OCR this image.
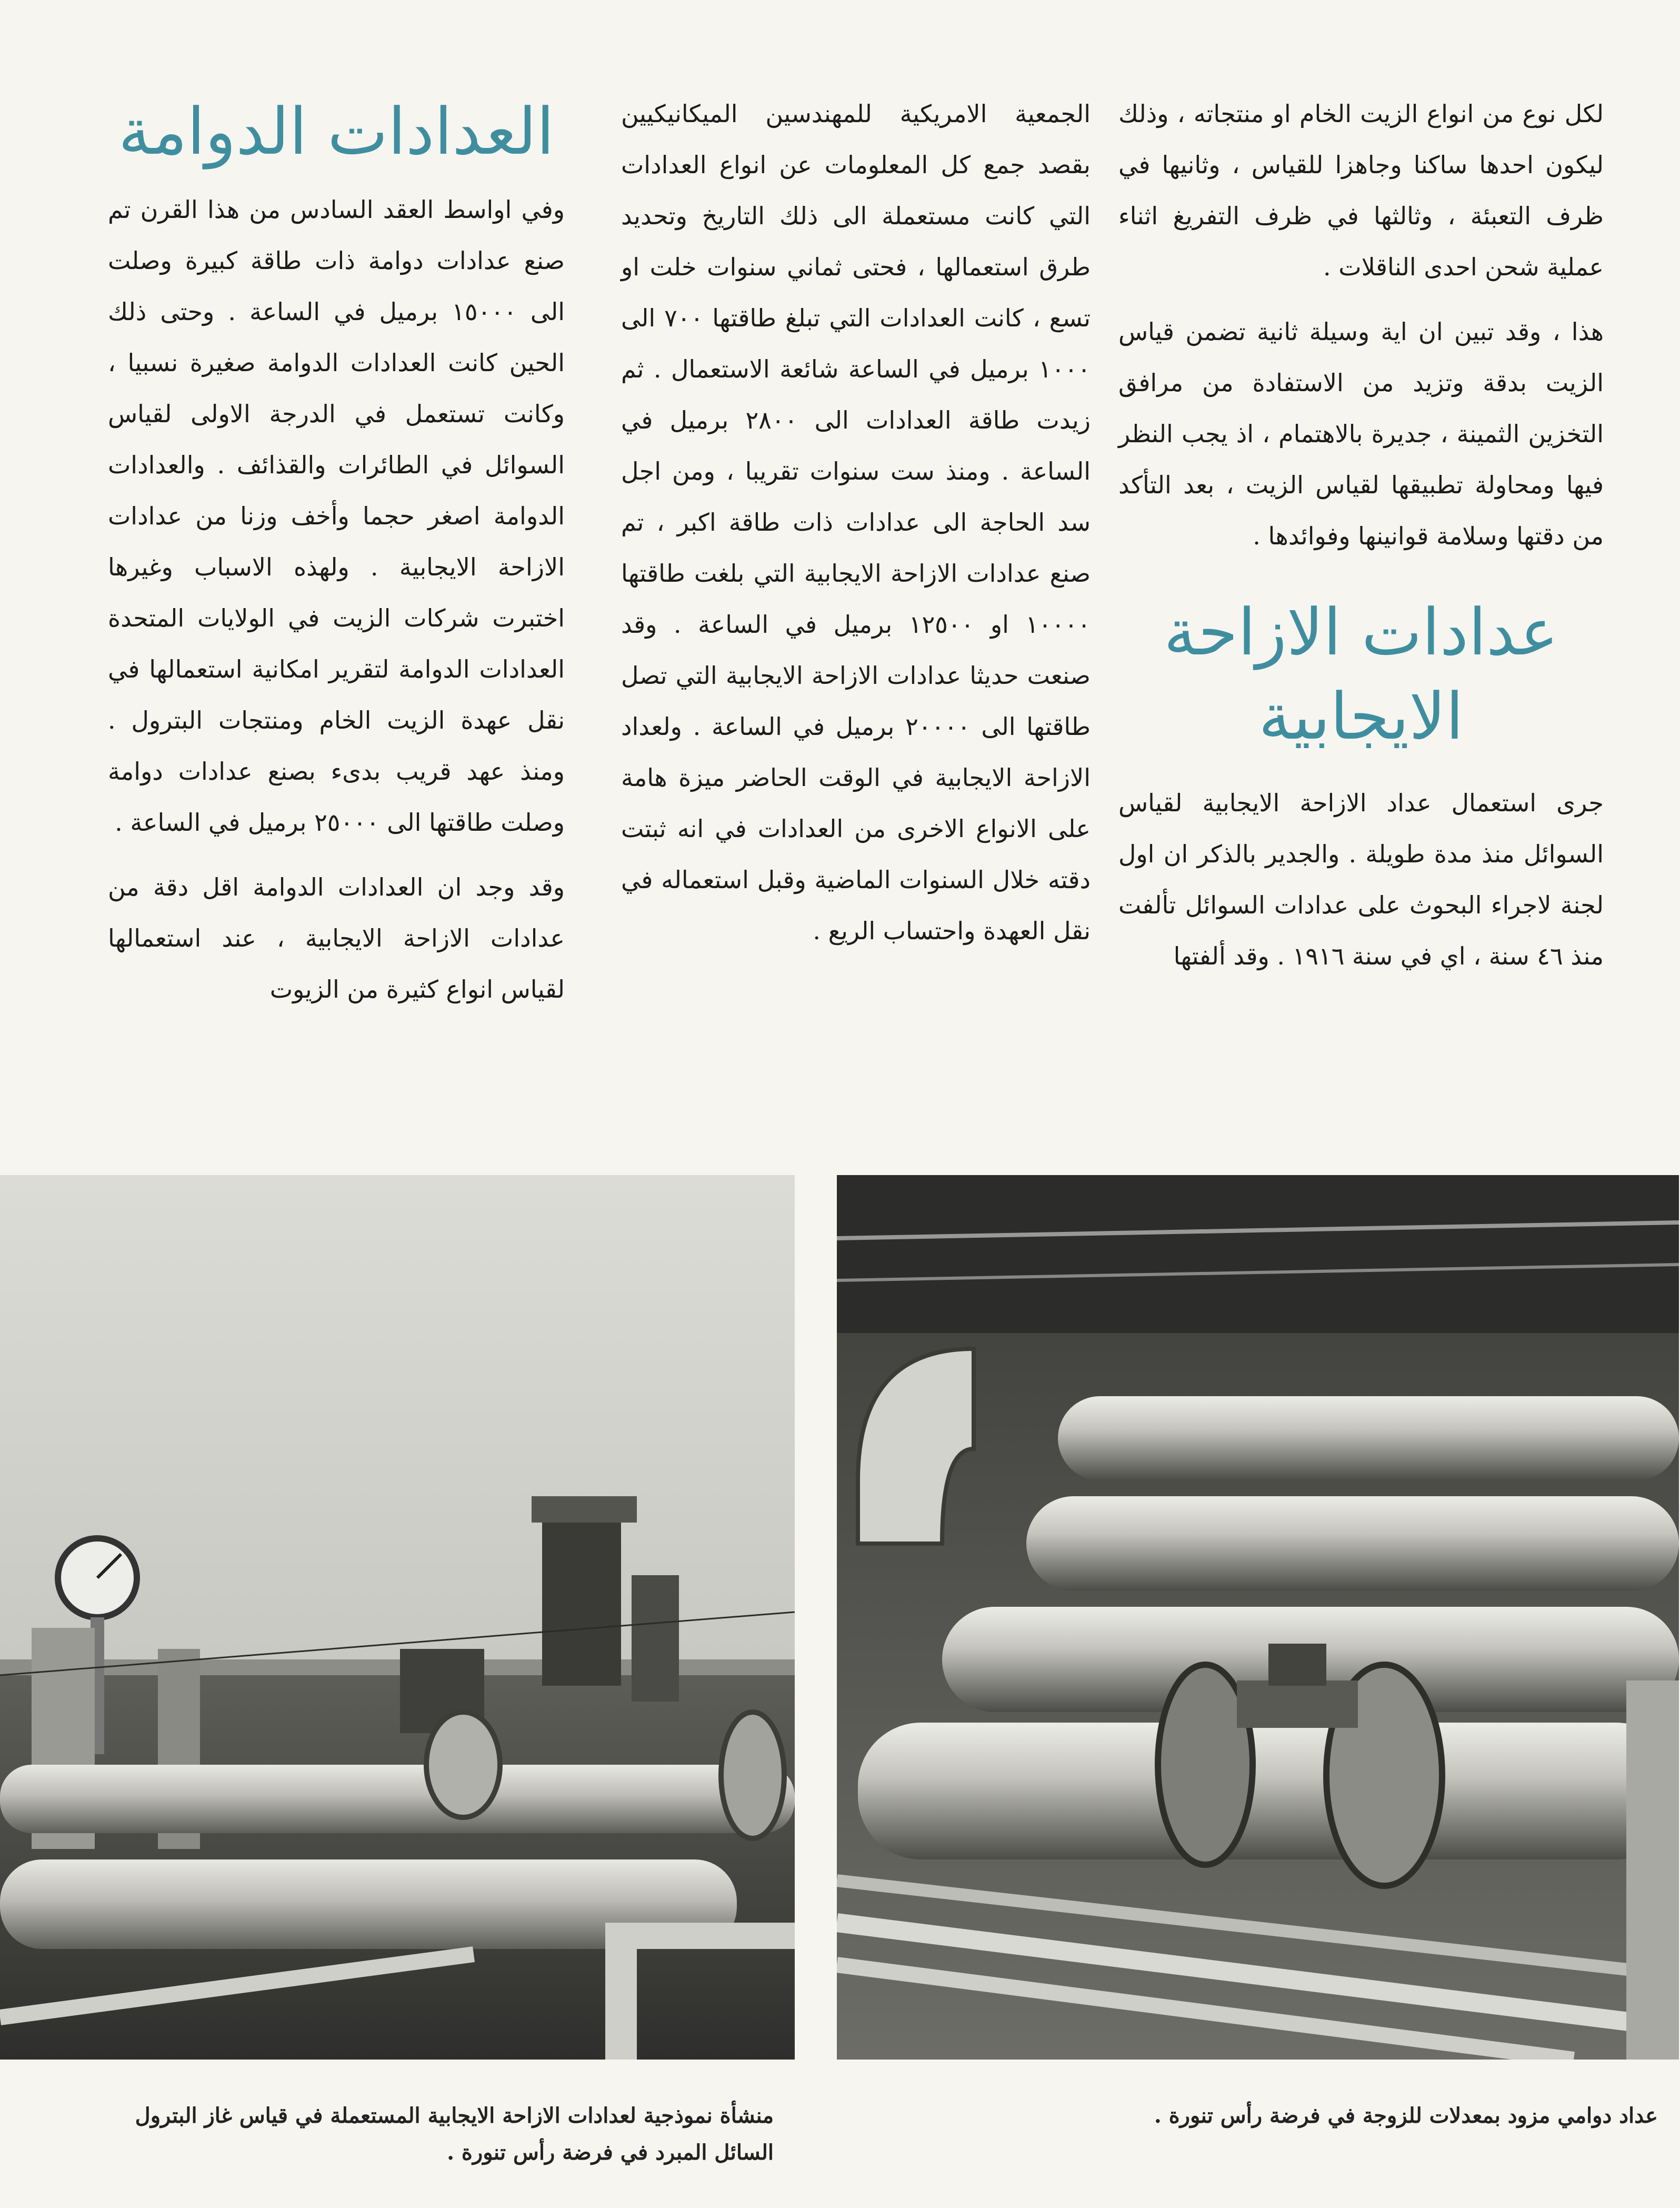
لكل نوع من انواع الزيت الخام او منتجاته ، وذلك ليكون احدها ساكنا وجاهزا للقياس ، وثانيها في ظرف التعبئة ، وثالثها في ظرف التفريغ اثناء عملية شحن احدى الناقلات .

هذا ، وقد تبين ان اية وسيلة ثانية تضمن قياس الزيت بدقة وتزيد من الاستفادة من مرافق التخزين الثمينة ، جديرة بالاهتمام ، اذ يجب النظر فيها ومحاولة تطبيقها لقياس الزيت ، بعد التأكد من دقتها وسلامة قوانينها وفوائدها .

عدادات الازاحة الايجابية

جرى استعمال عداد الازاحة الايجابية لقياس السوائل منذ مدة طويلة . والجدير بالذكر ان اول لجنة لاجراء البحوث على عدادات السوائل تألفت منذ ٤٦ سنة ، اي في سنة ١٩١٦ . وقد ألفتها

الجمعية الامريكية للمهندسين الميكانيكيين بقصد جمع كل المعلومات عن انواع العدادات التي كانت مستعملة الى ذلك التاريخ وتحديد طرق استعمالها ، فحتى ثماني سنوات خلت او تسع ، كانت العدادات التي تبلغ طاقتها ٧٠٠ الى ١٠٠٠ برميل في الساعة شائعة الاستعمال . ثم زيدت طاقة العدادات الى ٢٨٠٠ برميل في الساعة . ومنذ ست سنوات تقريبا ، ومن اجل سد الحاجة الى عدادات ذات طاقة اكبر ، تم صنع عدادات الازاحة الايجابية التي بلغت طاقتها ١٠٠٠٠ او ١٢٥٠٠ برميل في الساعة . وقد صنعت حديثا عدادات الازاحة الايجابية التي تصل طاقتها الى ٢٠٠٠٠ برميل في الساعة . ولعداد الازاحة الايجابية في الوقت الحاضر ميزة هامة على الانواع الاخرى من العدادات في انه ثبتت دقته خلال السنوات الماضية وقبل استعماله في نقل العهدة واحتساب الريع .

العدادات الدوامة

وفي اواسط العقد السادس من هذا القرن تم صنع عدادات دوامة ذات طاقة كبيرة وصلت الى ١٥٠٠٠ برميل في الساعة . وحتى ذلك الحين كانت العدادات الدوامة صغيرة نسبيا ، وكانت تستعمل في الدرجة الاولى لقياس السوائل في الطائرات والقذائف . والعدادات الدوامة اصغر حجما وأخف وزنا من عدادات الازاحة الايجابية . ولهذه الاسباب وغيرها اختبرت شركات الزيت في الولايات المتحدة العدادات الدوامة لتقرير امكانية استعمالها في نقل عهدة الزيت الخام ومنتجات البترول . ومنذ عهد قريب بدىء بصنع عدادات دوامة وصلت طاقتها الى ٢٥٠٠٠ برميل في الساعة .

وقد وجد ان العدادات الدوامة اقل دقة من عدادات الازاحة الايجابية ، عند استعمالها لقياس انواع كثيرة من الزيوت

منشأة نموذجية لعدادات الازاحة الايجابية المستعملة في قياس غاز البترول السائل المبرد في فرضة رأس تنورة .
عداد دوامي مزود بمعدلات للزوجة في فرضة رأس تنورة .
